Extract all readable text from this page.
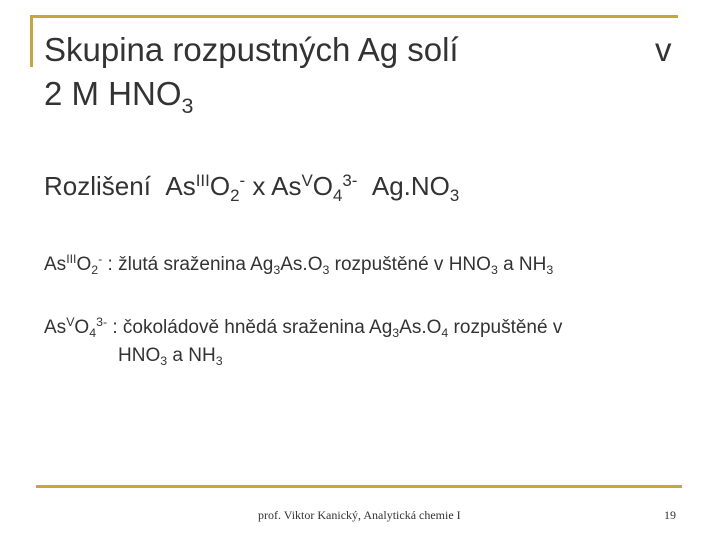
Skupina rozpustných Ag solí
2 M $HNO_3$
v
Rozlišení $As^{III}O_2^-$ x $As^VO_4^{3-}$ $Ag.NO_3$
$As^{III}O_2^-$ : žlutá sraženina $Ag_3As.O_3$ rozpuštěné v $HNO_3$ a $NH_3$
$As^VO_4^{3-}$ : čokoládově hnědá sraženina $Ag_3As.O_4$ rozpuštěné v
$HNO_3$ a $NH_3$
prof. Viktor Kanický, Analytická chemie I	19
